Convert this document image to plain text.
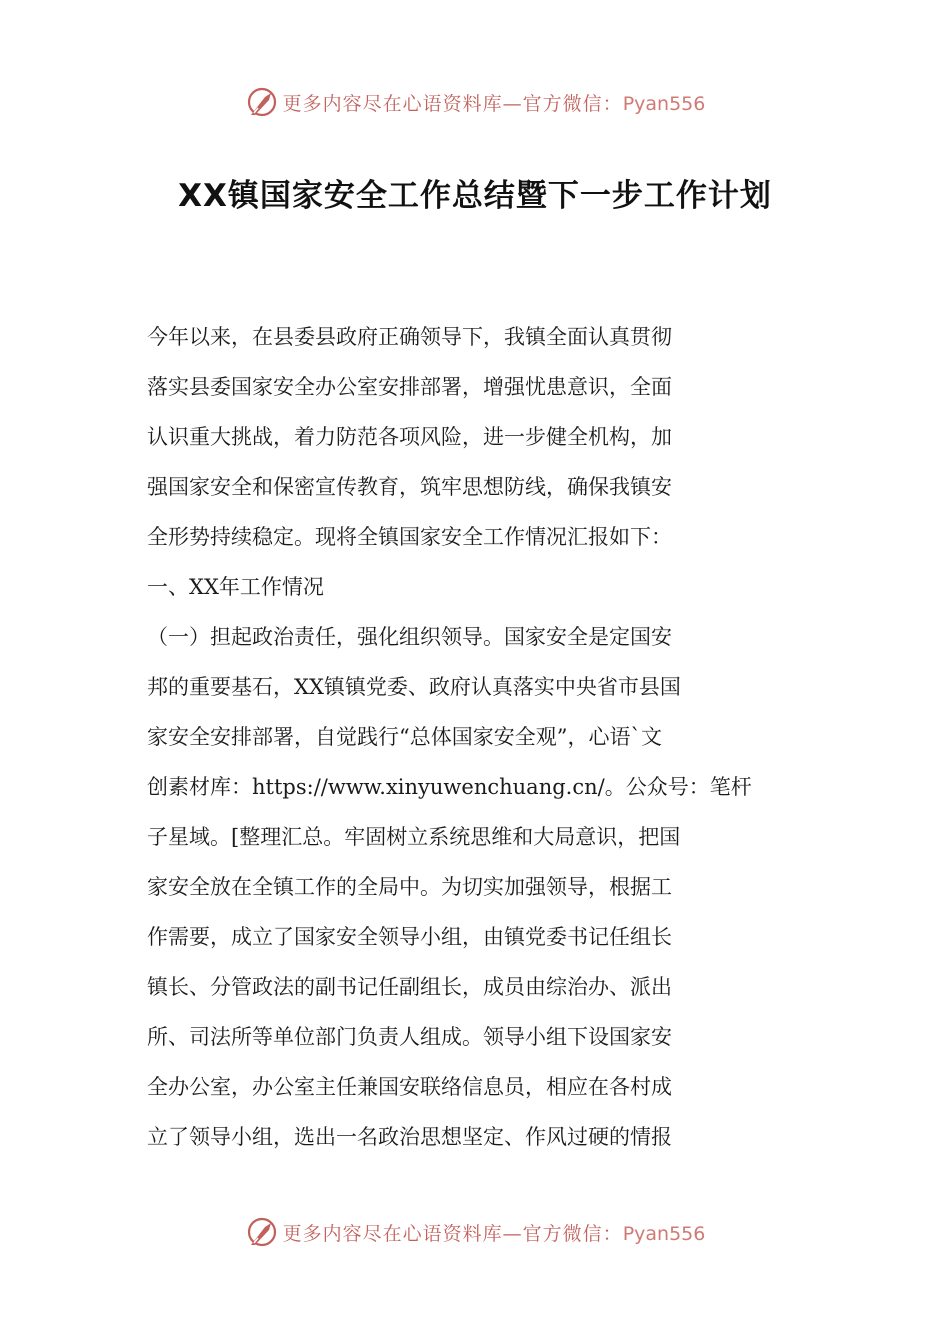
更多内容尽在心语资料库—官方微信：Pyan556
XX镇国家安全工作总结暨下一步工作计划
今年以来，在县委县政府正确领导下，我镇全面认真贯彻
落实县委国家安全办公室安排部署，增强忧患意识，全面
认识重大挑战，着力防范各项风险，进一步健全机构，加
强国家安全和保密宣传教育，筑牢思想防线，确保我镇安
全形势持续稳定。现将全镇国家安全工作情况汇报如下：
一、XX年工作情况
（一）担起政治责任，强化组织领导。国家安全是定国安
邦的重要基石，XX镇镇党委、政府认真落实中央省市县国
家安全安排部署，自觉践行“总体国家安全观”，心语`文
创素材库：https://www.xinyuwenchuang.cn/。公众号：笔杆
子星域。[整理汇总。牢固树立系统思维和大局意识，把国
家安全放在全镇工作的全局中。为切实加强领导，根据工
作需要，成立了国家安全领导小组，由镇党委书记任组长
镇长、分管政法的副书记任副组长，成员由综治办、派出
所、司法所等单位部门负责人组成。领导小组下设国家安
全办公室，办公室主任兼国安联络信息员，相应在各村成
立了领导小组，选出一名政治思想坚定、作风过硬的情报
更多内容尽在心语资料库—官方微信：Pyan556
